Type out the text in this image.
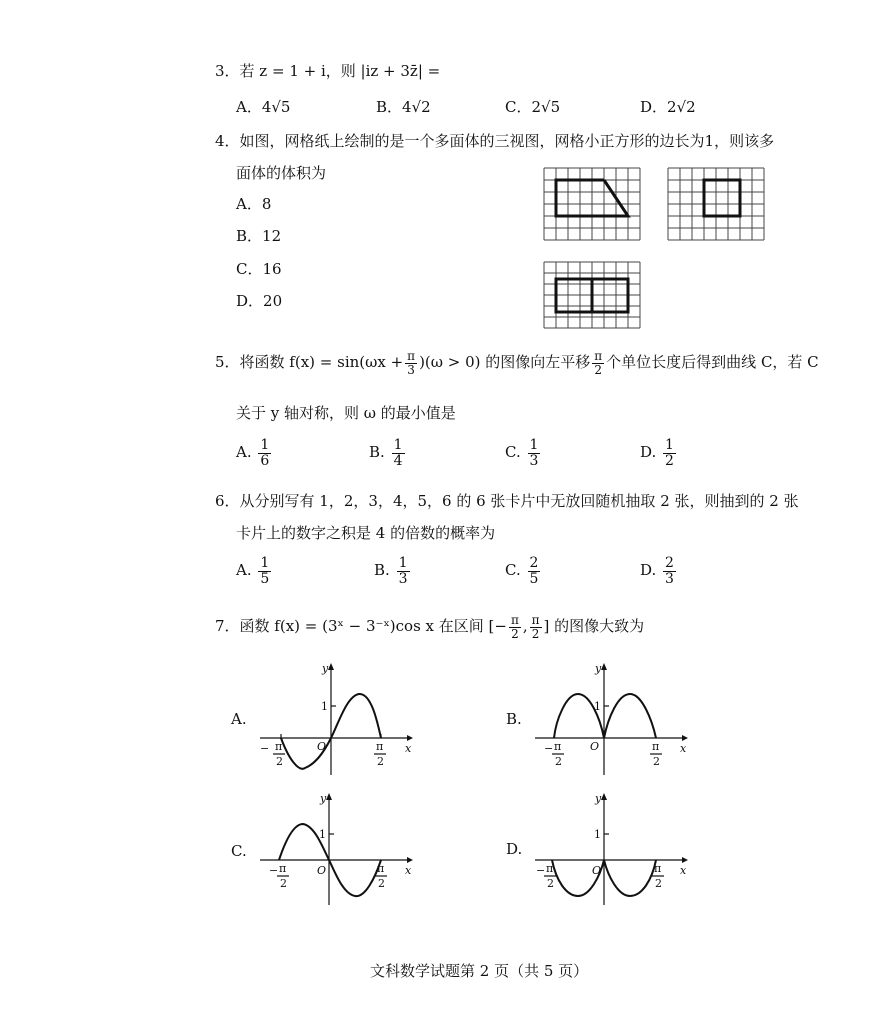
3．若 z = 1 + i，则 |iz + 3z̄| =
A．4√5	B．4√2	C．2√5	D．2√2
4．如图，网格纸上绘制的是一个多面体的三视图，网格小正方形的边长为1，则该多
面体的体积为
A．8
B．12
C．16
D．20
5．将函数 $f(x) = \sin(\omega x + \frac{\pi}{3} )(\omega > 0)$ 的图像向左平移 $\frac{\pi}{2}$ 个单位长度后得到曲线 C，若 C
关于 y 轴对称，则 ω 的最小值是
A. $\frac{1}{6}$	B. $\frac{1}{4}$	C. $\frac{1}{3}$	D. $\frac{1}{2}$
6．从分别写有 1，2，3，4，5，6 的 6 张卡片中无放回随机抽取 2 张，则抽到的 2 张
卡片上的数字之积是 4 的倍数的概率为
A. $\frac{1}{5}$	B. $\frac{1}{3}$	C. $\frac{2}{5}$	D. $\frac{2}{3}$
7．函数 f(x) = (3ˣ − 3⁻ˣ)cos x 在区间 [− $\frac{\pi}{2}$ , $\frac{\pi}{2}$ ] 的图像大致为
A.	B.
C.	D.
y
x
O
1
− π
2
π
2
y
x
O
1
− π
2
π
2
y
x
O
1
− π
2
π
2
y
x
O
1
− π
2
π
2
文科数学试题第 2 页（共 5 页）
